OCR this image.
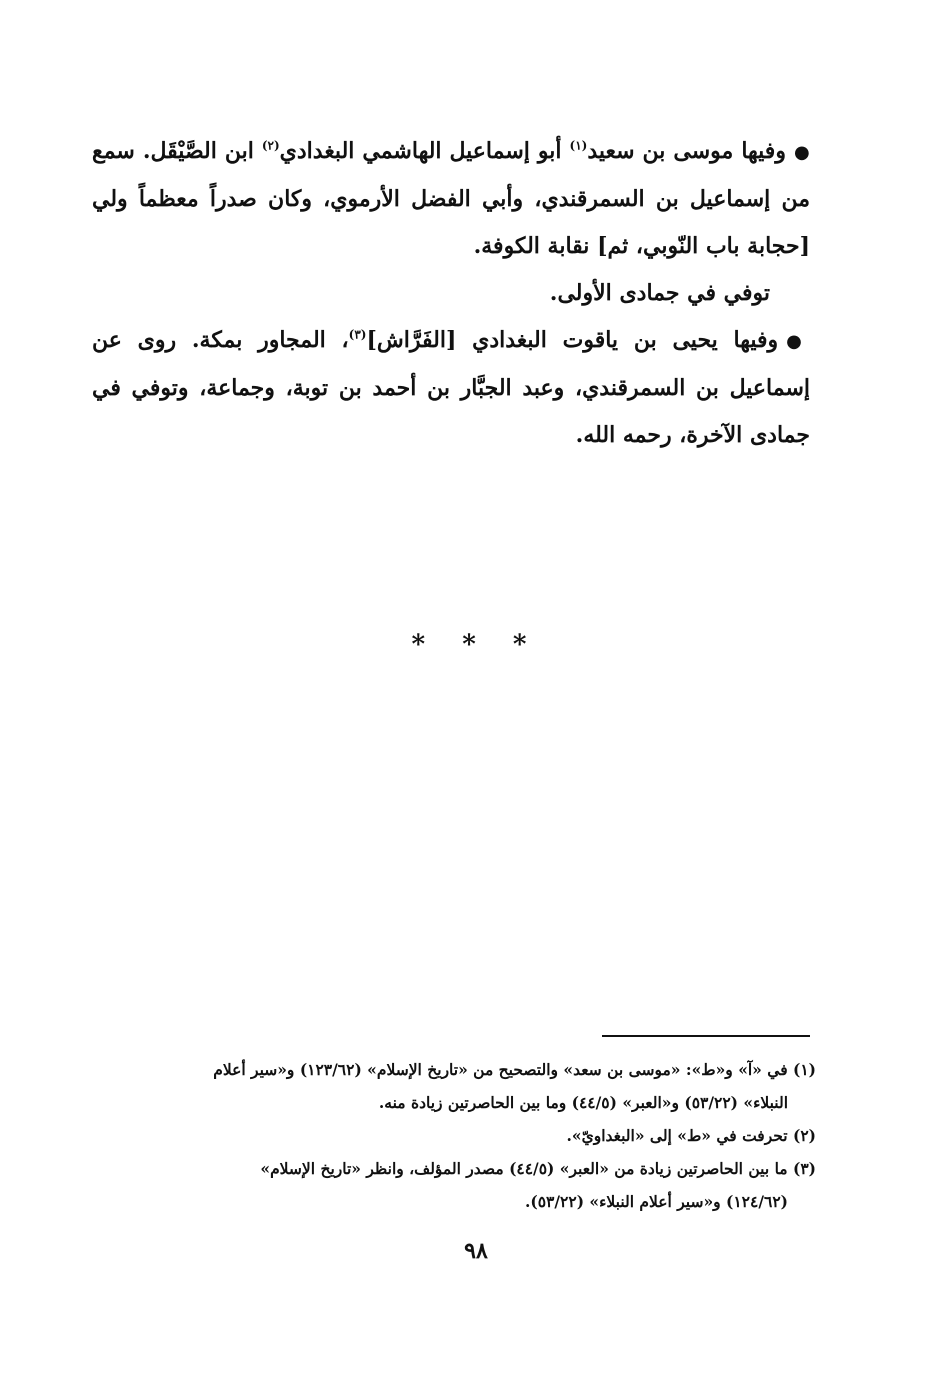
●وفيها موسى بن سعيد$^{(١)}$ أبو إسماعيل الهاشمي البغدادي$^{(٢)}$ ابن الصَّيْقَل. سمع من إسماعيل بن السمرقندي، وأبي الفضل الأرموي، وكان صدراً معظماً ولي [حجابة باب النّوبي، ثم] نقابة الكوفة.

توفي في جمادى الأولى.

●وفيها يحيى بن ياقوت البغدادي [الفَرَّاش]$^{(٣)}$، المجاور بمكة. روى عن إسماعيل بن السمرقندي، وعبد الجبَّار بن أحمد بن توبة، وجماعة، وتوفي في جمادى الآخرة، رحمه الله.

* * *

(١) في «آ» و«ط»: «موسى بن سعد» والتصحيح من «تاريخ الإسلام» (١٢٣/٦٢) و«سير أعلام

النبلاء» (٥٣/٢٢) و«العبر» (٤٤/٥) وما بين الحاصرتين زيادة منه.

(٢) تحرفت في «ط» إلى «البغداويّ».

(٣) ما بين الحاصرتين زيادة من «العبر» (٤٤/٥) مصدر المؤلف، وانظر «تاريخ الإسلام»

(١٢٤/٦٢) و«سير أعلام النبلاء» (٥٣/٢٢).

٩٨
